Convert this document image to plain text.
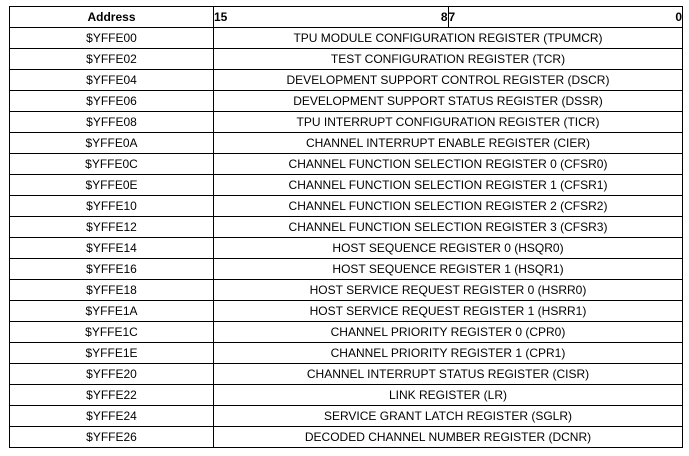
Address	15 8	7 0

$YFFE00	TPU MODULE CONFIGURATION REGISTER (TPUMCR)	
$YFFE02	TEST CONFIGURATION REGISTER (TCR)	
$YFFE04	DEVELOPMENT SUPPORT CONTROL REGISTER (DSCR)	
$YFFE06	DEVELOPMENT SUPPORT STATUS REGISTER (DSSR)	
$YFFE08	TPU INTERRUPT CONFIGURATION REGISTER (TICR)	
$YFFE0A	CHANNEL INTERRUPT ENABLE REGISTER (CIER)	
$YFFE0C	CHANNEL FUNCTION SELECTION REGISTER 0 (CFSR0)	
$YFFE0E	CHANNEL FUNCTION SELECTION REGISTER 1 (CFSR1)	
$YFFE10	CHANNEL FUNCTION SELECTION REGISTER 2 (CFSR2)	
$YFFE12	CHANNEL FUNCTION SELECTION REGISTER 3 (CFSR3)	
$YFFE14	HOST SEQUENCE REGISTER 0 (HSQR0)	
$YFFE16	HOST SEQUENCE REGISTER 1 (HSQR1)	
$YFFE18	HOST SERVICE REQUEST REGISTER 0 (HSRR0)	
$YFFE1A	HOST SERVICE REQUEST REGISTER 1 (HSRR1)	
$YFFE1C	CHANNEL PRIORITY REGISTER 0 (CPR0)	
$YFFE1E	CHANNEL PRIORITY REGISTER 1 (CPR1)	
$YFFE20	CHANNEL INTERRUPT STATUS REGISTER (CISR)	
$YFFE22	LINK REGISTER (LR)	
$YFFE24	SERVICE GRANT LATCH REGISTER (SGLR)	
$YFFE26	DECODED CHANNEL NUMBER REGISTER (DCNR)	
